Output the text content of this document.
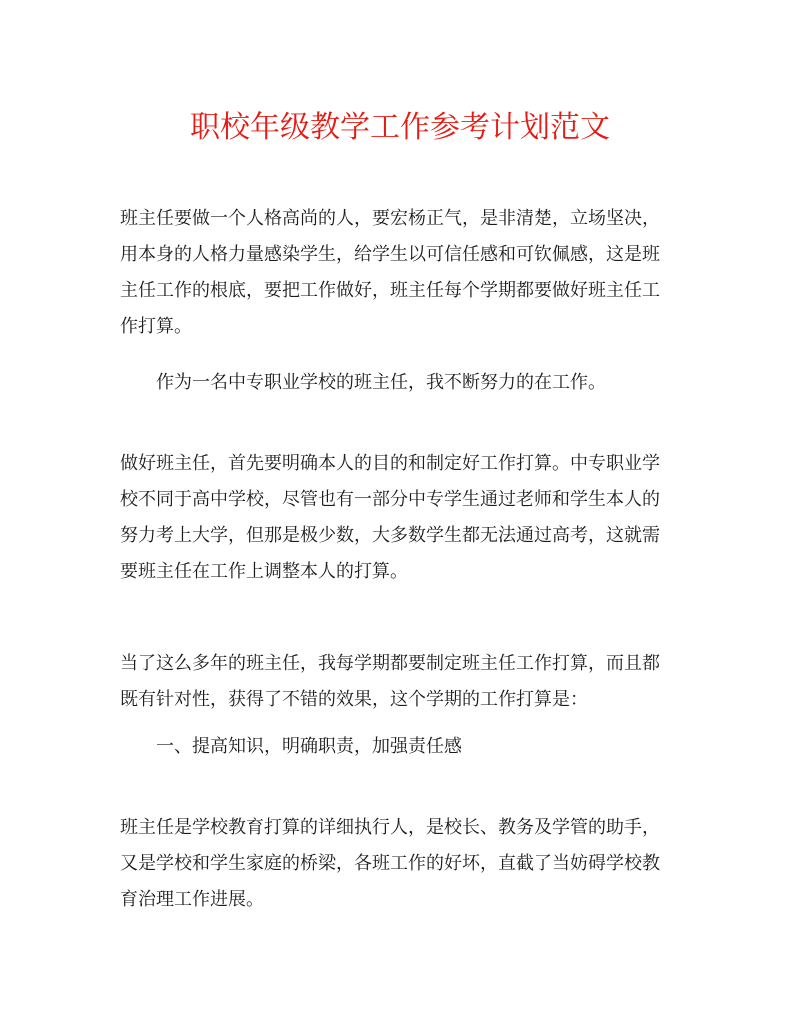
职校年级教学工作参考计划范文
班主任要做一个人格高尚的人，要宏杨正气，是非清楚，立场坚决，
用本身的人格力量感染学生，给学生以可信任感和可钦佩感，这是班
主任工作的根底，要把工作做好，班主任每个学期都要做好班主任工
作打算。
作为一名中专职业学校的班主任，我不断努力的在工作。
做好班主任，首先要明确本人的目的和制定好工作打算。中专职业学
校不同于高中学校，尽管也有一部分中专学生通过老师和学生本人的
努力考上大学，但那是极少数，大多数学生都无法通过高考，这就需
要班主任在工作上调整本人的打算。
当了这么多年的班主任，我每学期都要制定班主任工作打算，而且都
既有针对性，获得了不错的效果，这个学期的工作打算是：
一、提高知识，明确职责，加强责任感
班主任是学校教育打算的详细执行人，是校长、教务及学管的助手，
又是学校和学生家庭的桥梁，各班工作的好坏，直截了当妨碍学校教
育治理工作进展。
